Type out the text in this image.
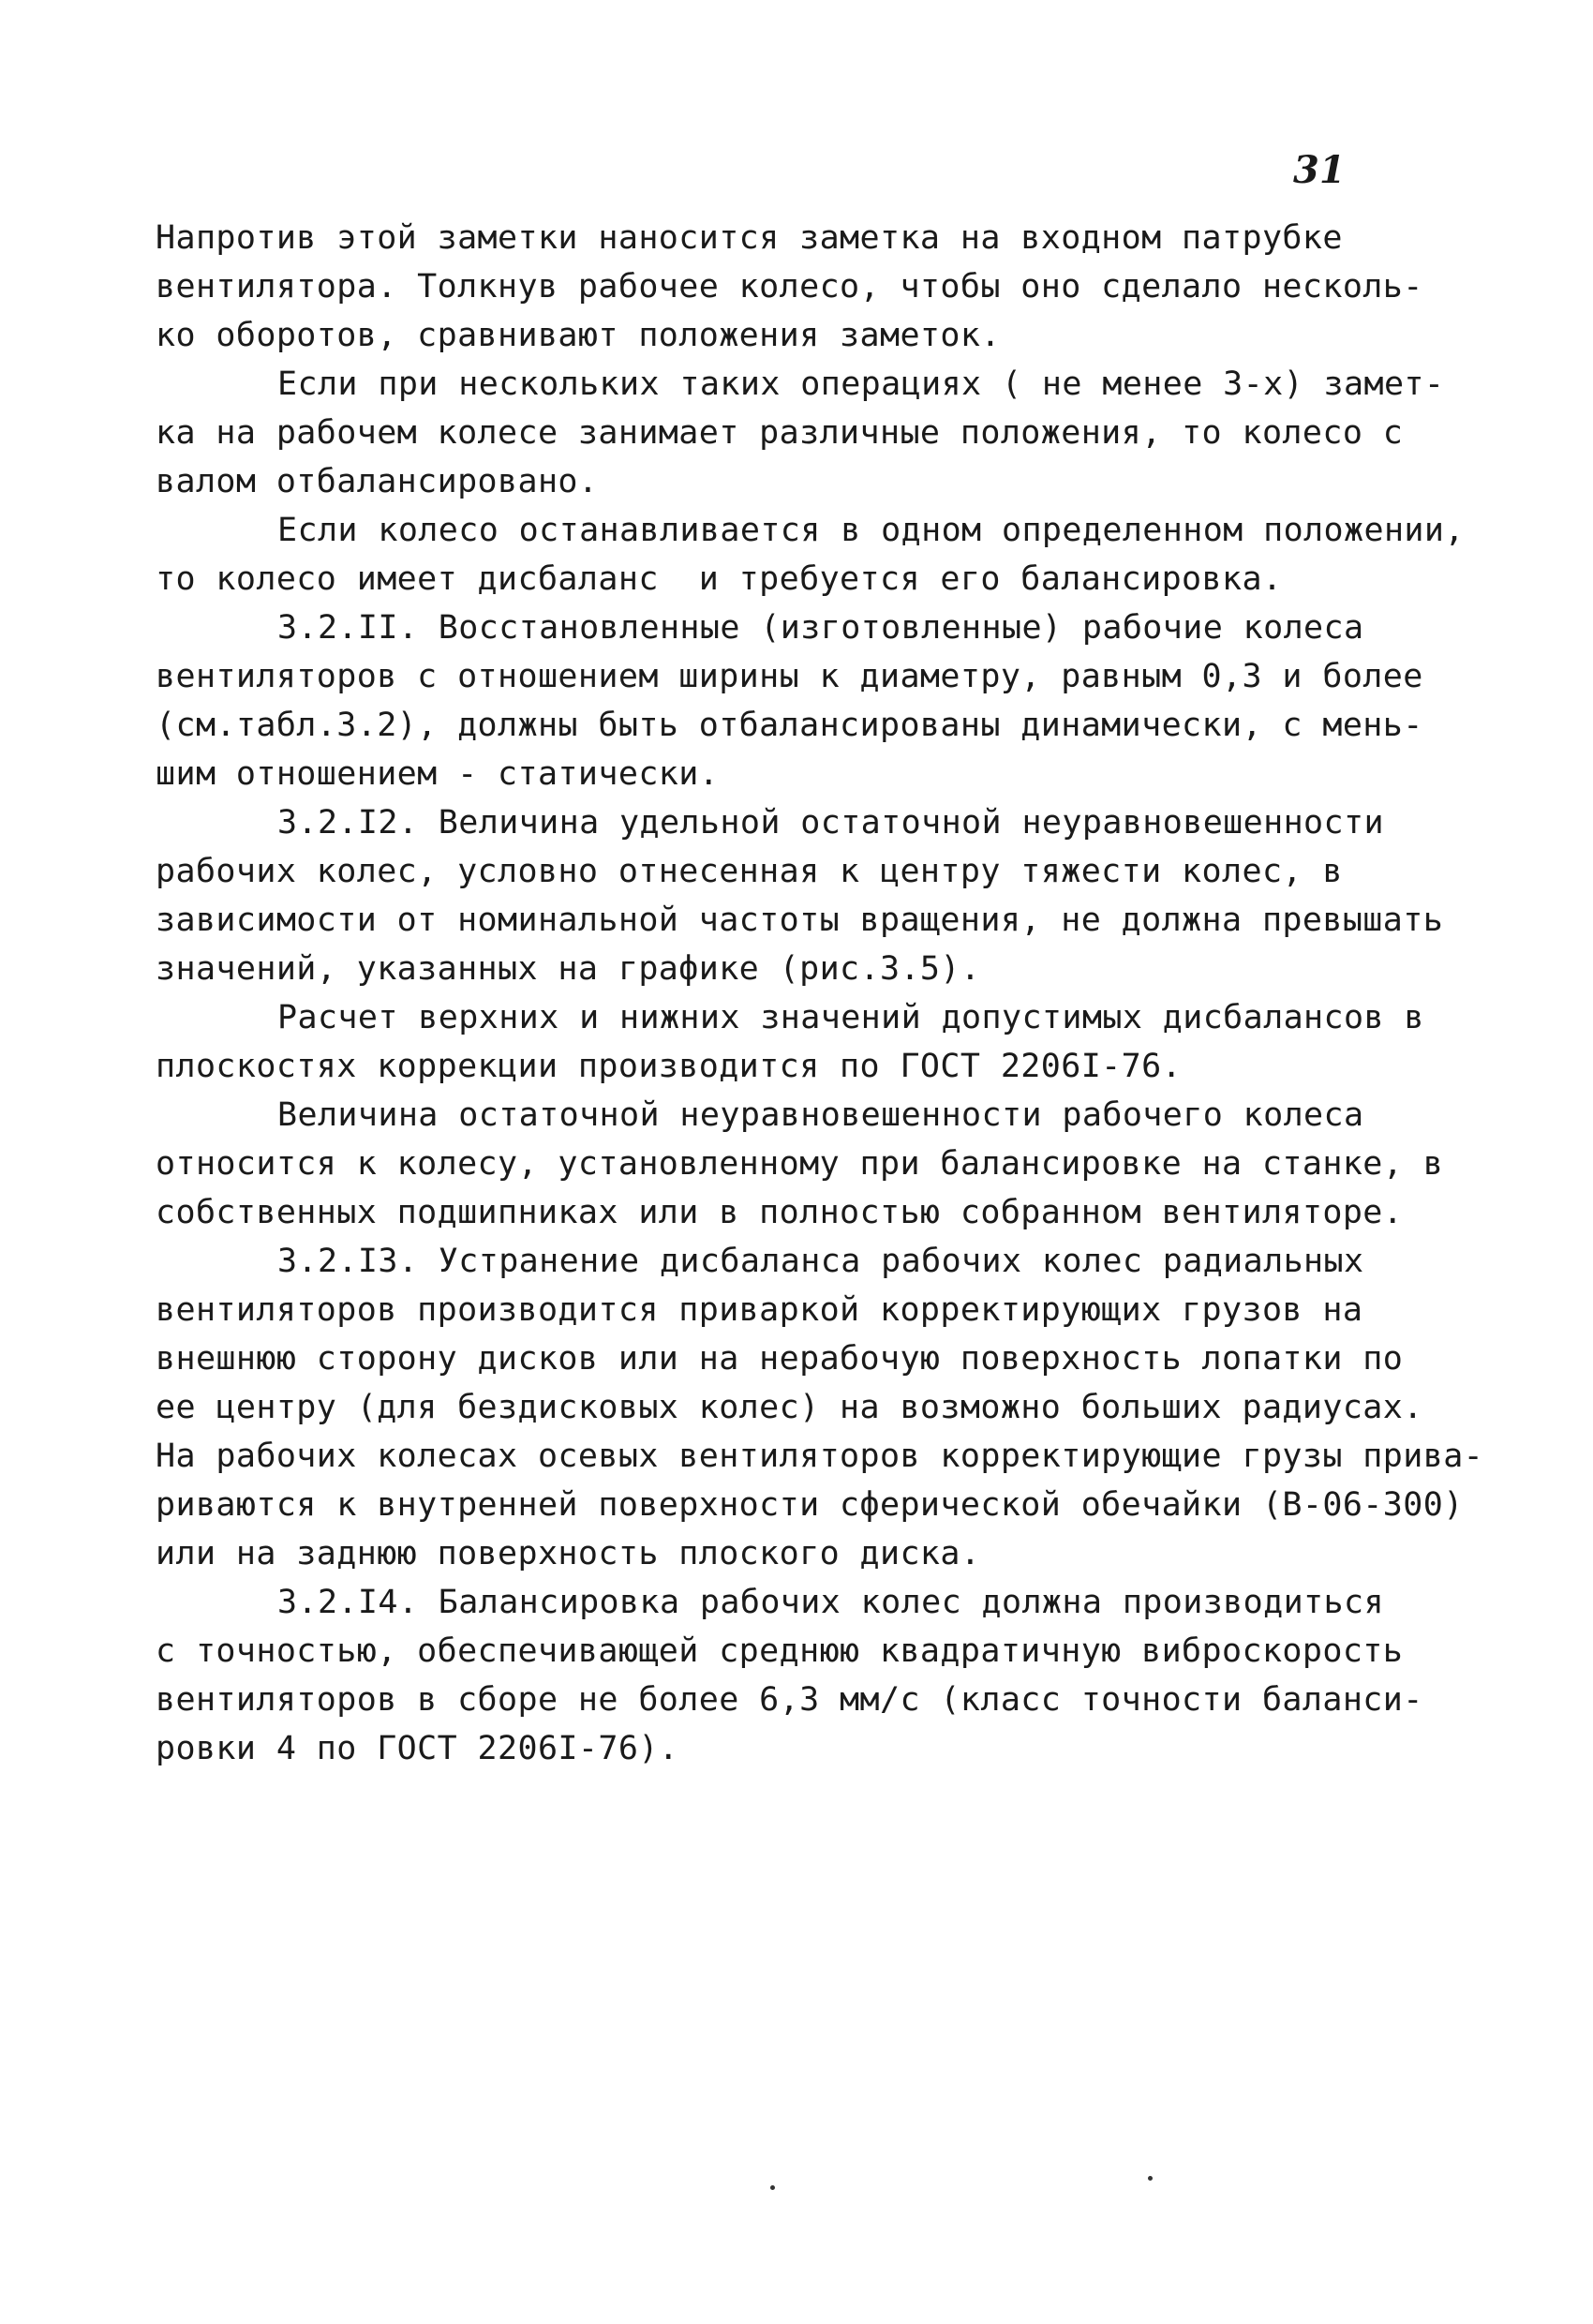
31
Напротив этой заметки наносится заметка на входном патрубке
вентилятора. Толкнув рабочее колесо, чтобы оно сделало несколь-
ко оборотов, сравнивают положения заметок.
Если при нескольких таких операциях ( не менее 3-х) замет-
ка на рабочем колесе занимает различные положения, то колесо с
валом отбалансировано.
Если колесо останавливается в одном определенном положении,
то колесо имеет дисбаланс  и требуется его балансировка.
3.2.II. Восстановленные (изготовленные) рабочие колеса
вентиляторов с отношением ширины к диаметру, равным 0,3 и более
(см.табл.3.2), должны быть отбалансированы динамически, с мень-
шим отношением - статически.
3.2.I2. Величина удельной остаточной неуравновешенности
рабочих колес, условно отнесенная к центру тяжести колес, в
зависимости от номинальной частоты вращения, не должна превышать
значений, указанных на графике (рис.3.5).
Расчет верхних и нижних значений допустимых дисбалансов в
плоскостях коррекции производится по ГОСТ 2206I-76.
Величина остаточной неуравновешенности рабочего колеса
относится к колесу, установленному при балансировке на станке, в
собственных подшипниках или в полностью собранном вентиляторе.
3.2.I3. Устранение дисбаланса рабочих колес радиальных
вентиляторов производится приваркой корректирующих грузов на
внешнюю сторону дисков или на нерабочую поверхность лопатки по
ее центру (для бездисковых колес) на возможно больших радиусах.
На рабочих колесах осевых вентиляторов корректирующие грузы прива-
риваются к внутренней поверхности сферической обечайки (В-06-300)
или на заднюю поверхность плоского диска.
3.2.I4. Балансировка рабочих колес должна производиться
с точностью, обеспечивающей среднюю квадратичную виброскорость
вентиляторов в сборе не более 6,3 мм/с (класс точности баланси-
ровки 4 по ГОСТ 2206I-76).
